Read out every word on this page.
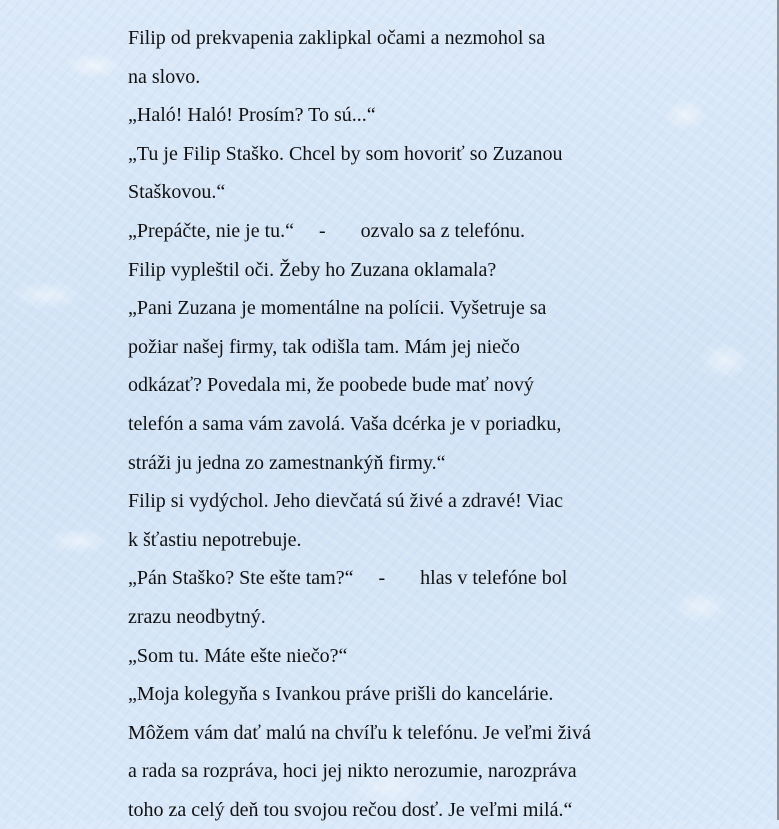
Filip od prekvapenia zaklipkal očami a nezmohol sa
na slovo.
„Haló! Haló! Prosím? To sú...“
„Tu je Filip Staško. Chcel by som hovoriť so Zuzanou
Staškovou.“
„Prepáčte, nie je tu.“     -       ozvalo sa z telefónu.
Filip vypleštil oči. Žeby ho Zuzana oklamala?
„Pani Zuzana je momentálne na polícii. Vyšetruje sa
požiar našej firmy, tak odišla tam. Mám jej niečo
odkázať? Povedala mi, že poobede bude mať nový
telefón a sama vám zavolá. Vaša dcérka je v poriadku,
stráži ju jedna zo zamestnankýň firmy.“
Filip si vydýchol. Jeho dievčatá sú živé a zdravé! Viac
k šťastiu nepotrebuje.
„Pán Staško? Ste ešte tam?“     -       hlas v telefóne bol
zrazu neodbytný.
„Som tu. Máte ešte niečo?“
„Moja kolegyňa s Ivankou práve prišli do kancelárie.
Môžem vám dať malú na chvíľu k telefónu. Je veľmi živá
a rada sa rozpráva, hoci jej nikto nerozumie, narozpráva
toho za celý deň tou svojou rečou dosť. Je veľmi milá.“
